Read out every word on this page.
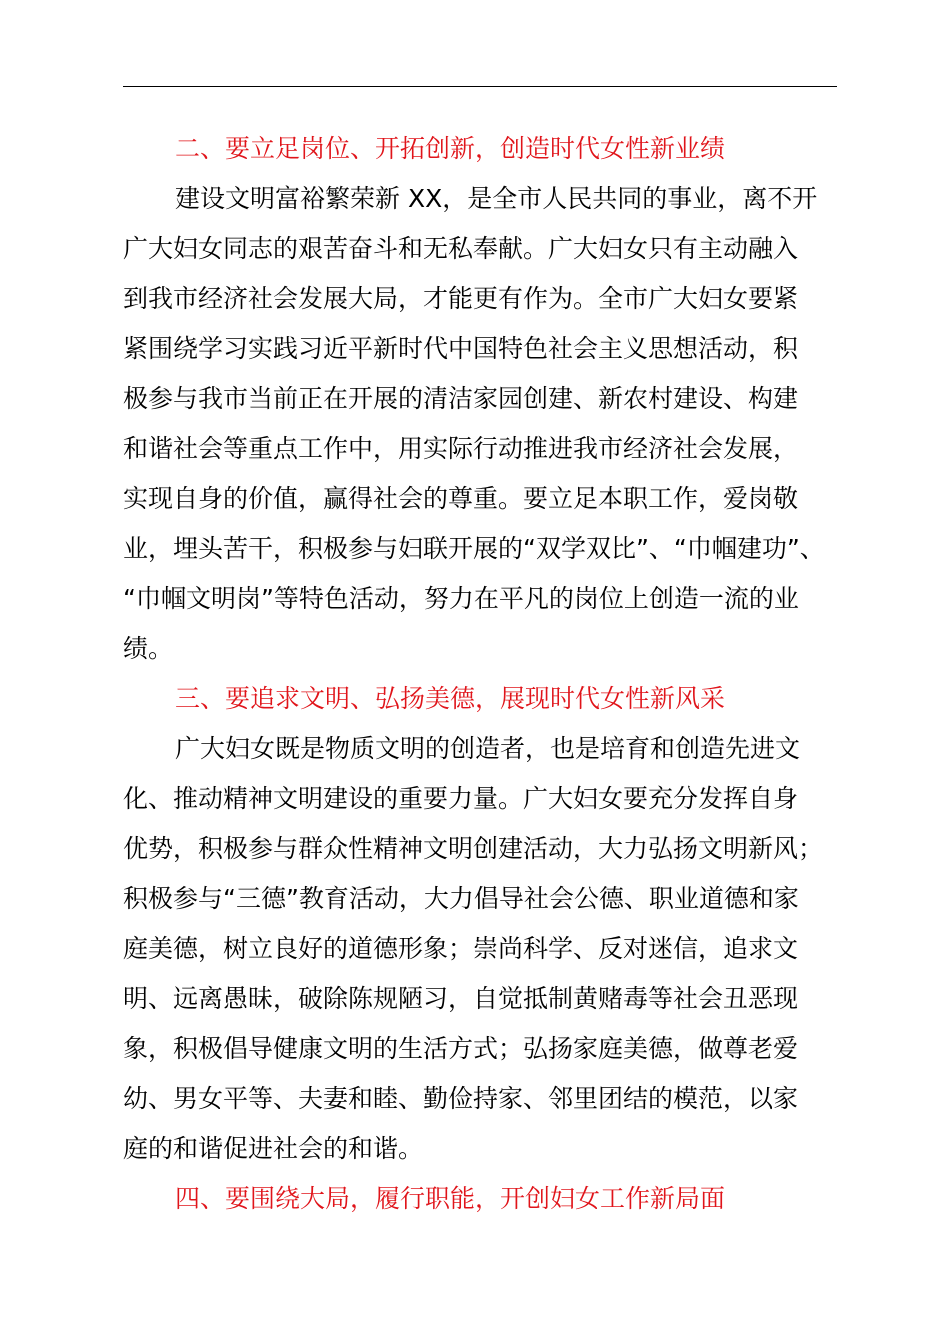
二、要立足岗位、开拓创新，创造时代女性新业绩

建设文明富裕繁荣新 XX，是全市人民共同的事业，离不开
广大妇女同志的艰苦奋斗和无私奉献。广大妇女只有主动融入
到我市经济社会发展大局，才能更有作为。全市广大妇女要紧
紧围绕学习实践习近平新时代中国特色社会主义思想活动，积
极参与我市当前正在开展的清洁家园创建、新农村建设、构建
和谐社会等重点工作中，用实际行动推进我市经济社会发展，
实现自身的价值，赢得社会的尊重。要立足本职工作，爱岗敬
业，埋头苦干，积极参与妇联开展的“双学双比”、“巾帼建功”、
“巾帼文明岗”等特色活动，努力在平凡的岗位上创造一流的业
绩。

三、要追求文明、弘扬美德，展现时代女性新风采

广大妇女既是物质文明的创造者，也是培育和创造先进文
化、推动精神文明建设的重要力量。广大妇女要充分发挥自身
优势，积极参与群众性精神文明创建活动，大力弘扬文明新风；
积极参与“三德”教育活动，大力倡导社会公德、职业道德和家
庭美德，树立良好的道德形象；崇尚科学、反对迷信，追求文
明、远离愚昧，破除陈规陋习，自觉抵制黄赌毒等社会丑恶现
象，积极倡导健康文明的生活方式；弘扬家庭美德，做尊老爱
幼、男女平等、夫妻和睦、勤俭持家、邻里团结的模范，以家
庭的和谐促进社会的和谐。

四、要围绕大局，履行职能，开创妇女工作新局面
